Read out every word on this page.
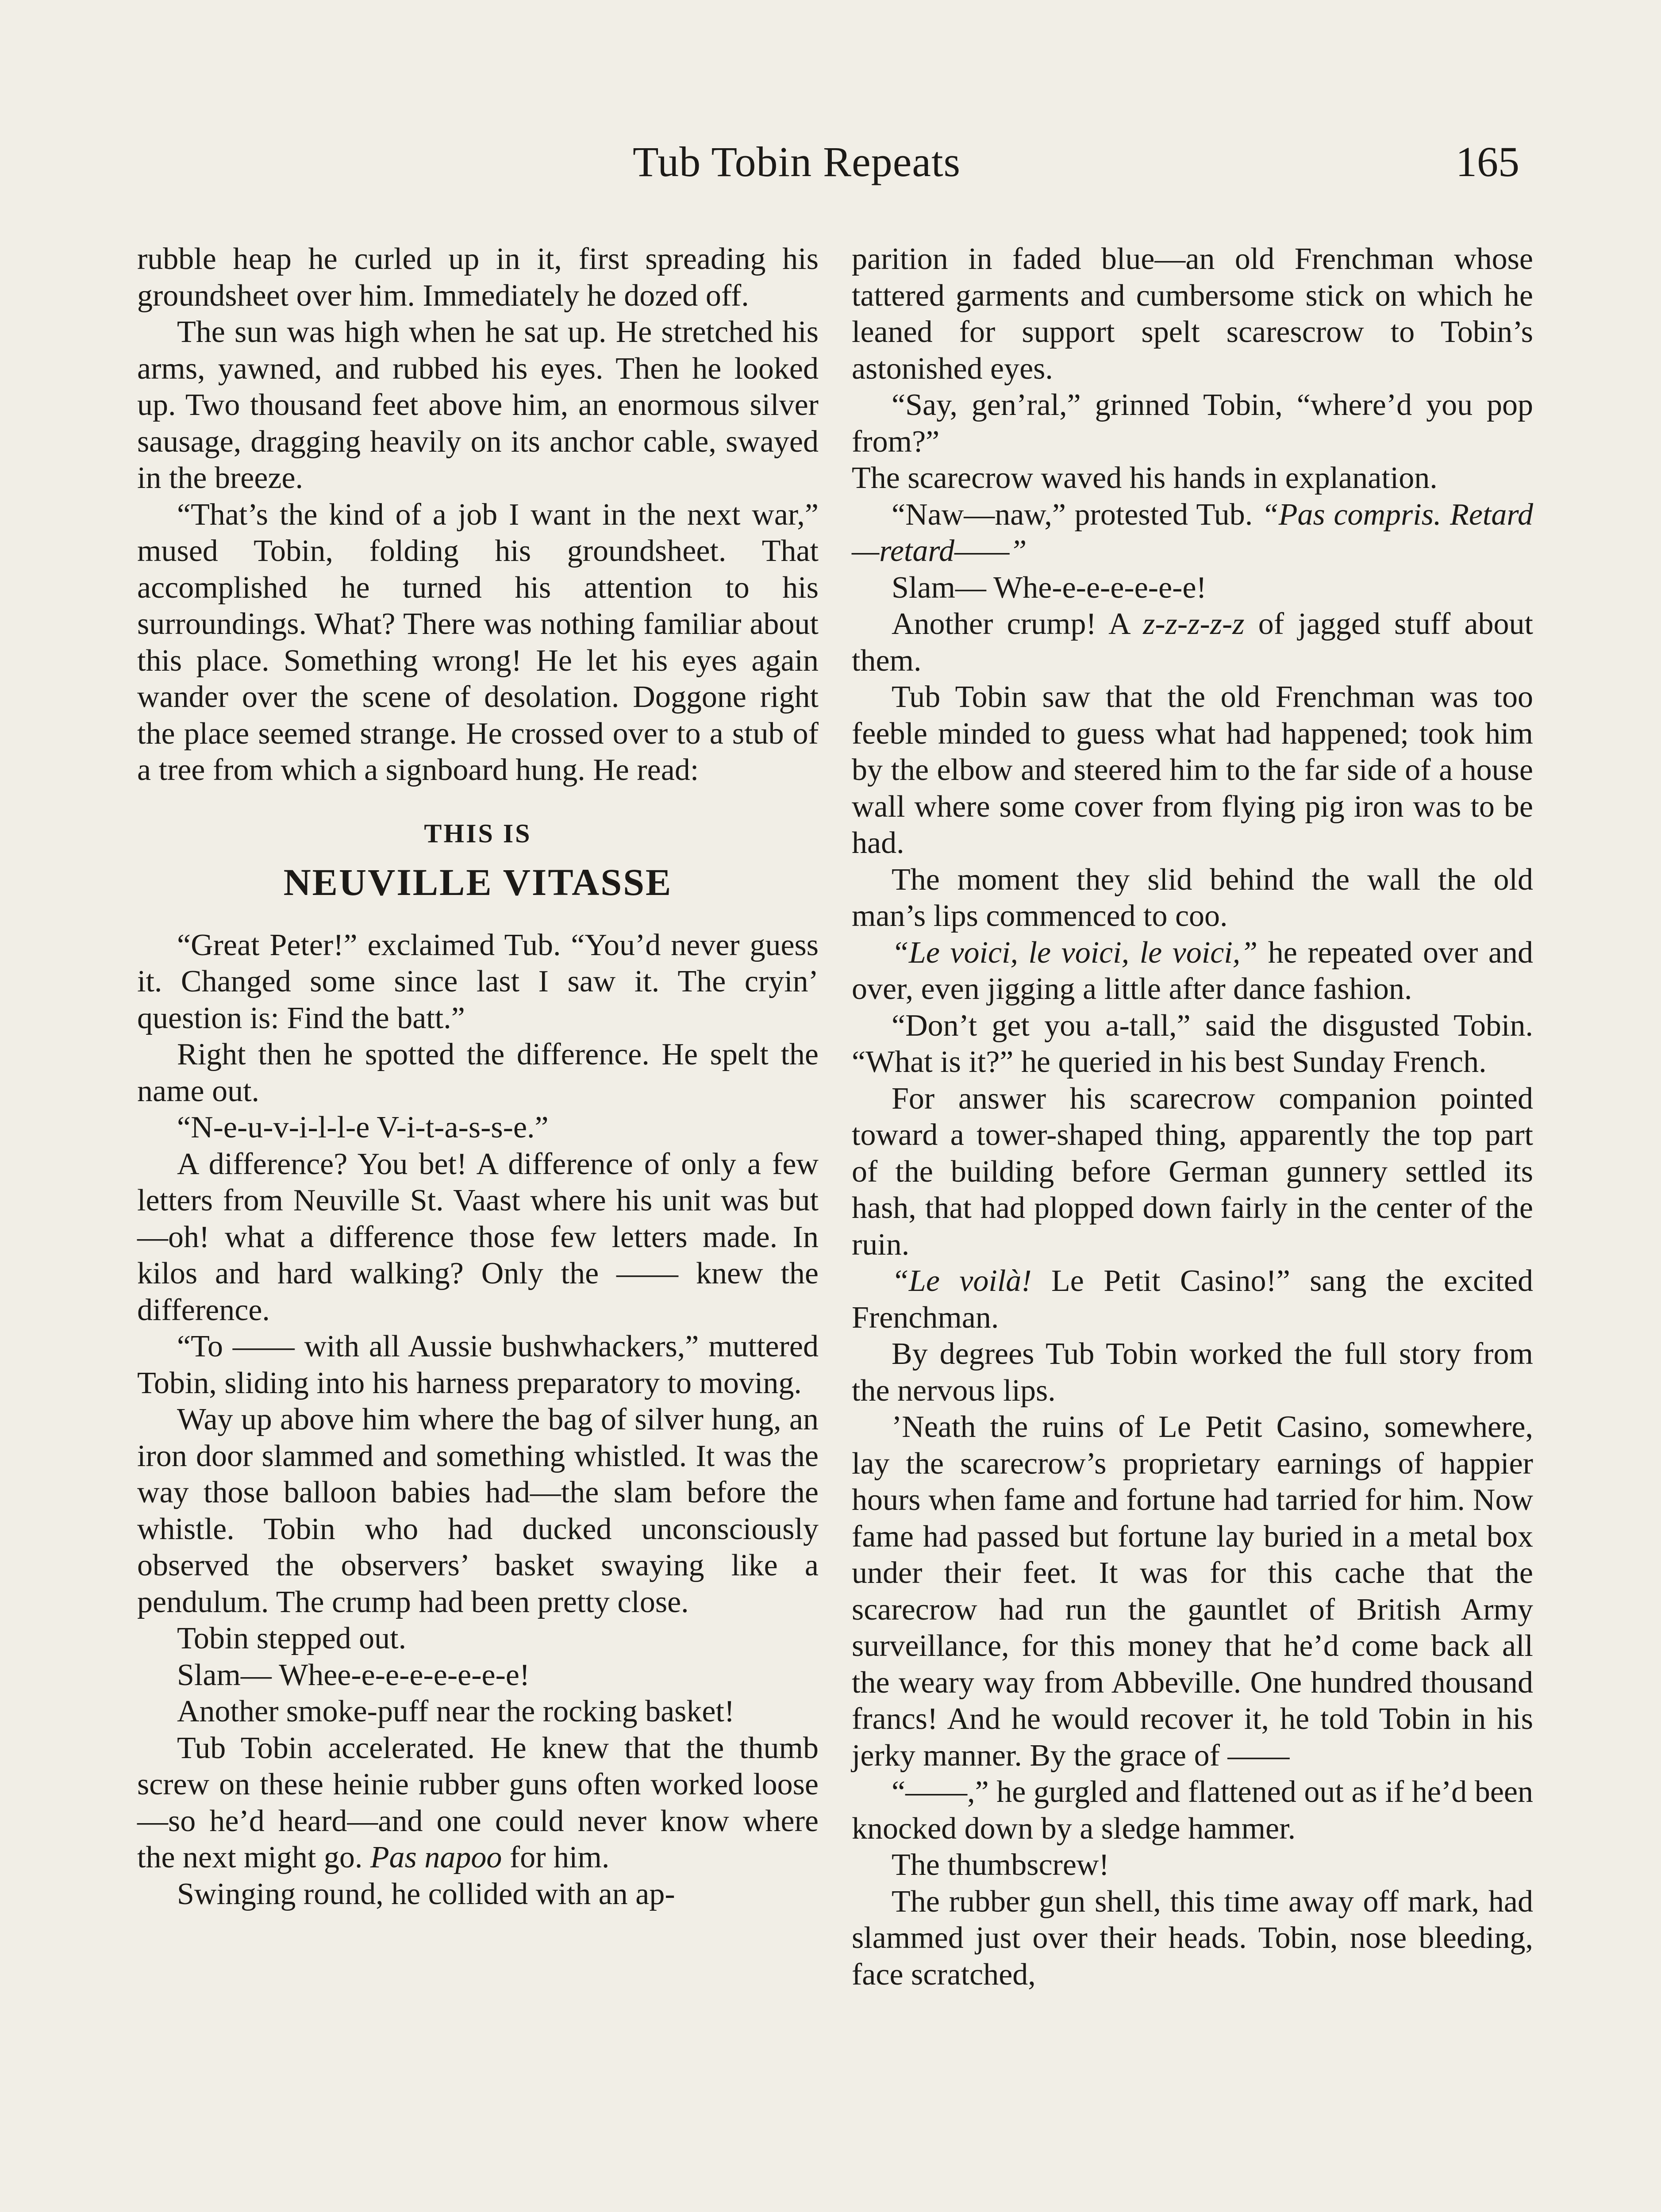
Tub Tobin Repeats	165

rubble heap he curled up in it, first spreading his groundsheet over him. Immediately he dozed off.

The sun was high when he sat up. He stretched his arms, yawned, and rubbed his eyes. Then he looked up. Two thousand feet above him, an enormous silver sausage, dragging heavily on its anchor cable, swayed in the breeze.

“That’s the kind of a job I want in the next war,” mused Tobin, folding his groundsheet. That accomplished he turned his attention to his surroundings. What? There was nothing familiar about this place. Something wrong! He let his eyes again wander over the scene of desolation. Doggone right the place seemed strange. He crossed over to a stub of a tree from which a signboard hung. He read:

THIS IS
NEUVILLE VITASSE

“Great Peter!” exclaimed Tub. “You’d never guess it. Changed some since last I saw it. The cryin’ question is: Find the batt.”

Right then he spotted the difference. He spelt the name out.

“N-e-u-v-i-l-l-e V-i-t-a-s-s-e.”

A difference? You bet! A difference of only a few letters from Neuville St. Vaast where his unit was but—oh! what a difference those few letters made. In kilos and hard walking? Only the —— knew the difference.

“To —— with all Aussie bushwhackers,” muttered Tobin, sliding into his harness preparatory to moving.

Way up above him where the bag of silver hung, an iron door slammed and something whistled. It was the way those balloon babies had—the slam before the whistle. Tobin who had ducked unconsciously observed the observers’ basket swaying like a pendulum. The crump had been pretty close.

Tobin stepped out.

Slam— Whee-e-e-e-e-e-e-e!

Another smoke-puff near the rocking basket!

Tub Tobin accelerated. He knew that the thumb screw on these heinie rubber guns often worked loose—so he’d heard—and one could never know where the next might go. Pas napoo for him.

Swinging round, he collided with an ap-

parition in faded blue—an old Frenchman whose tattered garments and cumbersome stick on which he leaned for support spelt scarescrow to Tobin’s astonished eyes.

“Say, gen’ral,” grinned Tobin, “where’d you pop from?”

The scarecrow waved his hands in explanation.

“Naw—naw,” protested Tub. “Pas compris. Retard—retard——”

Slam— Whe-e-e-e-e-e-e!

Another crump! A z-z-z-z-z of jagged stuff about them.

Tub Tobin saw that the old Frenchman was too feeble minded to guess what had happened; took him by the elbow and steered him to the far side of a house wall where some cover from flying pig iron was to be had.

The moment they slid behind the wall the old man’s lips commenced to coo.

“Le voici, le voici, le voici,” he repeated over and over, even jigging a little after dance fashion.

“Don’t get you a-tall,” said the disgusted Tobin. “What is it?” he queried in his best Sunday French.

For answer his scarecrow companion pointed toward a tower-shaped thing, apparently the top part of the building before German gunnery settled its hash, that had plopped down fairly in the center of the ruin.

“Le voilà! Le Petit Casino!” sang the excited Frenchman.

By degrees Tub Tobin worked the full story from the nervous lips.

’Neath the ruins of Le Petit Casino, somewhere, lay the scarecrow’s proprietary earnings of happier hours when fame and fortune had tarried for him. Now fame had passed but fortune lay buried in a metal box under their feet. It was for this cache that the scarecrow had run the gauntlet of British Army surveillance, for this money that he’d come back all the weary way from Abbeville. One hundred thousand francs! And he would recover it, he told Tobin in his jerky manner. By the grace of ——

“——,” he gurgled and flattened out as if he’d been knocked down by a sledge hammer.

The thumbscrew!

The rubber gun shell, this time away off mark, had slammed just over their heads. Tobin, nose bleeding, face scratched,
